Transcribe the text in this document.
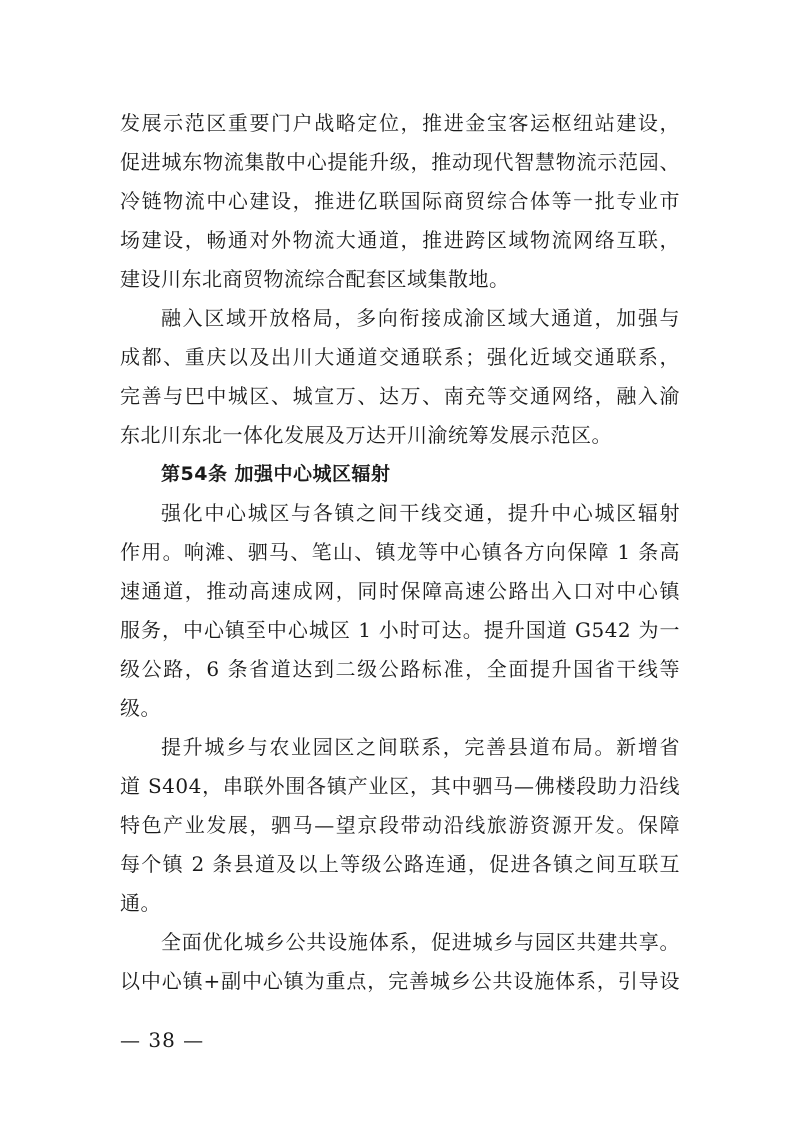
发展示范区重要门户战略定位，推进金宝客运枢纽站建设，
促进城东物流集散中心提能升级，推动现代智慧物流示范园、
冷链物流中心建设，推进亿联国际商贸综合体等一批专业市
场建设，畅通对外物流大通道，推进跨区域物流网络互联，
建设川东北商贸物流综合配套区域集散地。
融入区域开放格局，多向衔接成渝区域大通道，加强与
成都、重庆以及出川大通道交通联系；强化近域交通联系，
完善与巴中城区、城宣万、达万、南充等交通网络，融入渝
东北川东北一体化发展及万达开川渝统筹发展示范区。
第54条 加强中心城区辐射
强化中心城区与各镇之间干线交通，提升中心城区辐射
作用。响滩、驷马、笔山、镇龙等中心镇各方向保障 1 条高
速通道，推动高速成网，同时保障高速公路出入口对中心镇
服务，中心镇至中心城区 1 小时可达。提升国道 G542 为一
级公路，6 条省道达到二级公路标准，全面提升国省干线等
级。
提升城乡与农业园区之间联系，完善县道布局。新增省
道 S404，串联外围各镇产业区，其中驷马—佛楼段助力沿线
特色产业发展，驷马—望京段带动沿线旅游资源开发。保障
每个镇 2 条县道及以上等级公路连通，促进各镇之间互联互
通。
全面优化城乡公共设施体系，促进城乡与园区共建共享。
以中心镇+副中心镇为重点，完善城乡公共设施体系，引导设
— 38 —
